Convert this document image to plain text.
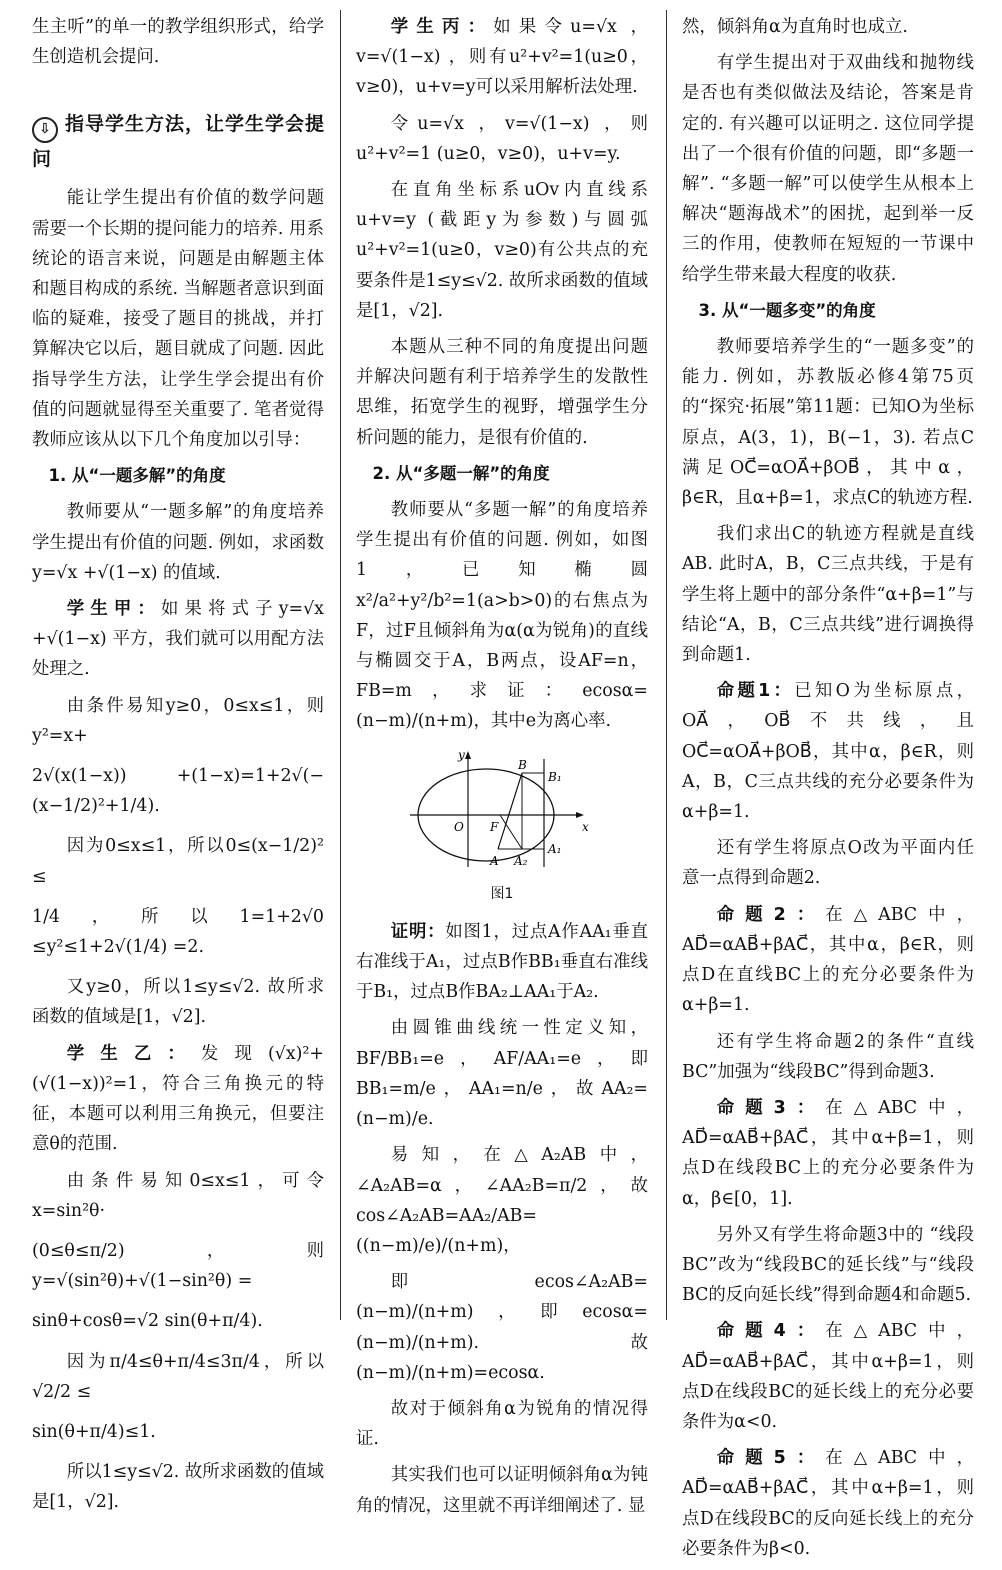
生主听”的单一的教学组织形式，给学生创造机会提问.

⇩ 指导学生方法，让学生学会提问

能让学生提出有价值的数学问题需要一个长期的提问能力的培养. 用系统论的语言来说，问题是由解题主体和题目构成的系统. 当解题者意识到面临的疑难，接受了题目的挑战，并打算解决它以后，题目就成了问题. 因此指导学生方法，让学生学会提出有价值的问题就显得至关重要了. 笔者觉得教师应该从以下几个角度加以引导：

1. 从“一题多解”的角度

教师要从“一题多解”的角度培养学生提出有价值的问题. 例如，求函数 y=√x +√(1−x) 的值域.

学生甲：如果将式子y=√x +√(1−x) 平方，我们就可以用配方法处理之.

由条件易知y≥0，0≤x≤1，则y²=x+

2√(x(1−x)) +(1−x)=1+2√(−(x−1/2)²+1/4).

因为0≤x≤1，所以0≤(x−1/2)² ≤

1/4，所以1=1+2√0 ≤y²≤1+2√(1/4) =2.

又y≥0，所以1≤y≤√2. 故所求函数的值域是[1，√2].

学生乙：发现(√x)²+(√(1−x))²=1，符合三角换元的特征，本题可以利用三角换元，但要注意θ的范围.

由条件易知0≤x≤1，可令x=sin²θ·

(0≤θ≤π/2)，则y=√(sin²θ)+√(1−sin²θ) =

sinθ+cosθ=√2 sin(θ+π/4).

因为π/4≤θ+π/4≤3π/4，所以√2/2 ≤

sin(θ+π/4)≤1.

所以1≤y≤√2. 故所求函数的值域是[1，√2].

学生丙：如果令u=√x ，v=√(1−x) ，则有u²+v²=1(u≥0，v≥0)，u+v=y可以采用解析法处理.

令u=√x ，v=√(1−x) ，则u²+v²=1 (u≥0，v≥0)，u+v=y.

在直角坐标系uOv内直线系u+v=y (截距y为参数)与圆弧u²+v²=1(u≥0，v≥0)有公共点的充要条件是1≤y≤√2. 故所求函数的值域是[1，√2].

本题从三种不同的角度提出问题并解决问题有利于培养学生的发散性思维，拓宽学生的视野，增强学生分析问题的能力，是很有价值的.

2. 从“多题一解”的角度

教师要从“多题一解”的角度培养学生提出有价值的问题. 例如，如图1，已知椭圆x²/a²+y²/b²=1(a>b>0)的右焦点为F，过F且倾斜角为α(α为锐角)的直线与椭圆交于A，B两点，设AF=n，FB=m，求证：ecosα=(n−m)/(n+m)，其中e为离心率.

y
x
O F
A A₂
B
B₁
A₁

图1

证明：如图1，过点A作AA₁垂直右准线于A₁，过点B作BB₁垂直右准线于B₁，过点B作BA₂⊥AA₁于A₂.

由圆锥曲线统一性定义知，BF/BB₁=e，AF/AA₁=e，即BB₁=m/e，AA₁=n/e，故AA₂=(n−m)/e.

易知，在△A₂AB中，∠A₂AB=α，∠AA₂B=π/2，故cos∠A₂AB=AA₂/AB=((n−m)/e)/(n+m)，

即 ecos∠A₂AB=(n−m)/(n+m)，即ecosα=(n−m)/(n+m). 故(n−m)/(n+m)=ecosα.

故对于倾斜角α为锐角的情况得证.

其实我们也可以证明倾斜角α为钝角的情况，这里就不再详细阐述了. 显

然，倾斜角α为直角时也成立.

有学生提出对于双曲线和抛物线是否也有类似做法及结论，答案是肯定的. 有兴趣可以证明之. 这位同学提出了一个很有价值的问题，即“多题一解”. “多题一解”可以使学生从根本上解决“题海战术”的困扰，起到举一反三的作用，使教师在短短的一节课中给学生带来最大程度的收获.

3. 从“一题多变”的角度

教师要培养学生的“一题多变”的能力. 例如，苏教版必修4第75页的“探究·拓展”第11题：已知O为坐标原点，A(3，1)，B(−1，3). 若点C满足OC⃗=αOA⃗+βOB⃗，其中α，β∈R，且α+β=1，求点C的轨迹方程.

我们求出C的轨迹方程就是直线AB. 此时A，B，C三点共线，于是有学生将上题中的部分条件“α+β=1”与结论“A，B，C三点共线”进行调换得到命题1.

命题1：已知O为坐标原点，OA⃗，OB⃗不共线，且OC⃗=αOA⃗+βOB⃗，其中α，β∈R，则A，B，C三点共线的充分必要条件为α+β=1.

还有学生将原点O改为平面内任意一点得到命题2.

命题2：在△ABC中，AD⃗=αAB⃗+βAC⃗，其中α，β∈R，则点D在直线BC上的充分必要条件为α+β=1.

还有学生将命题2的条件“直线BC”加强为“线段BC”得到命题3.

命题3：在△ABC中，AD⃗=αAB⃗+βAC⃗，其中α+β=1，则点D在线段BC上的充分必要条件为α，β∈[0，1].

另外又有学生将命题3中的 “线段BC”改为“线段BC的延长线”与“线段BC的反向延长线”得到命题4和命题5.

命题4：在△ABC中，AD⃗=αAB⃗+βAC⃗，其中α+β=1，则点D在线段BC的延长线上的充分必要条件为α<0.

命题5：在△ABC中，AD⃗=αAB⃗+βAC⃗，其中α+β=1，则点D在线段BC的反向延长线上的充分必要条件为β<0.
